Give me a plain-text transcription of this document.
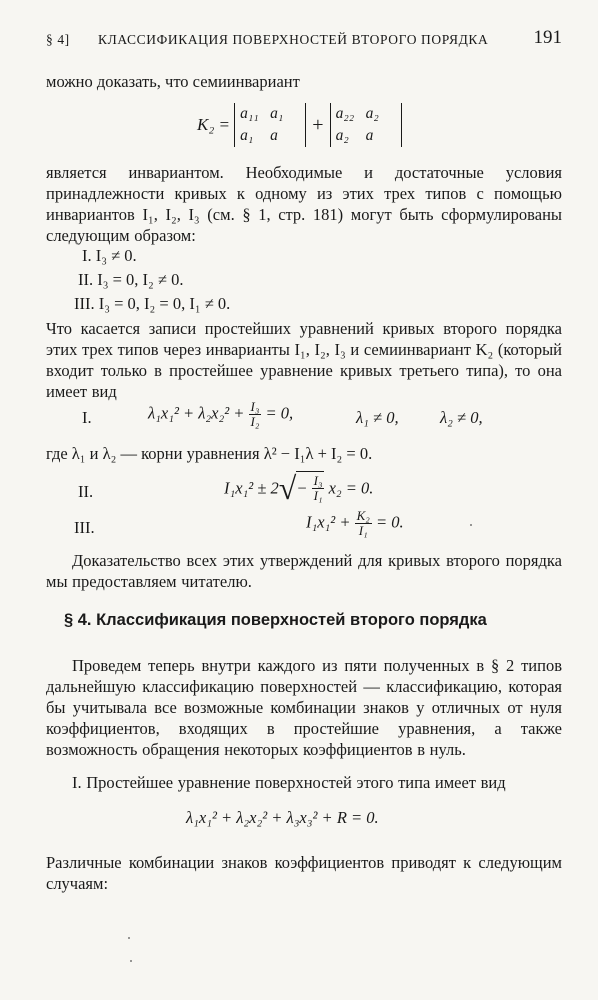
§ 4] КЛАССИФИКАЦИЯ ПОВЕРХНОСТЕЙ ВТОРОГО ПОРЯДКА 191
можно доказать, что семиинвариант
K₂ =
a₁₁ a₁
a₁ a	+ a₂₂ a₂
a₂ a
является инвариантом. Необходимые и достаточные условия принадлежности кривых к одному из этих трех типов с помощью инвариантов I₁, I₂, I₃ (см. § 1, стр. 181) могут быть сформулированы следующим образом:
I. I₃ ≠ 0.
II. I₃ = 0, I₂ ≠ 0.
III. I₃ = 0, I₂ = 0, I₁ ≠ 0.
Что касается записи простейших уравнений кривых второго порядка этих трех типов через инварианты I₁, I₂, I₃ и семиинвариант K₂ (который входит только в простейшее уравнение кривых третьего типа), то она имеет вид
I.	$\lambda_1x_1^2 + \lambda_2x_2^2 + \frac{\text{I₃}}{\text{I₂}} = 0$,	λ₁ ≠ 0,	λ₂ ≠ 0,
где λ₁ и λ₂ — корни уравнения λ² − I₁λ + I₂ = 0.
II.	$I_1x_1^2 \pm 2√- \frac{\text{I₃}}{\text{I₁}} x_2 = 0$.
III.	$I_1x_1^2 + \frac{\text{K₂}}{\text{I₁}} = 0$.
Доказательство всех этих утверждений для кривых второго порядка мы предоставляем читателю.
§ 4. Классификация поверхностей второго порядка
Проведем теперь внутри каждого из пяти полученных в § 2 типов дальнейшую классификацию поверхностей — классификацию, которая бы учитывала все возможные комбинации знаков у отличных от нуля коэффициентов, входящих в простейшие уравнения, а также возможность обращения некоторых коэффициентов в нуль.
I. Простейшее уравнение поверхностей этого типа имеет вид
λ₁x₁² + λ₂x₂² + λ₃x₃² + R = 0.
Различные комбинации знаков коэффициентов приводят к следующим случаям:
